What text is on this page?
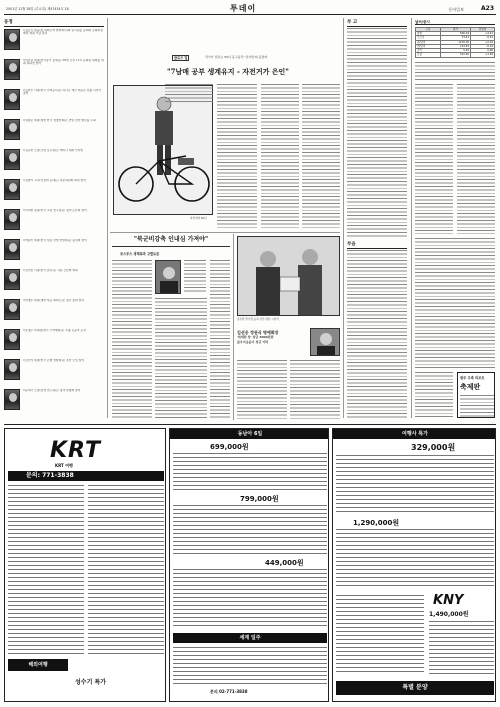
2001년 11월 28일 (수요일) 제47434호 18	투데이	동아일보	A23
동정
▽김동기 대표(한 대외무역 협력회사)와 임직원들 동회의 소회의실에서 개최 기념 축사
▽이가균 회장(한국장기 총재)은 28일 오전 11시 동회원 대회를 개최 축하연 참석
▽김한수 사장(한국 전력공사)은 하나로 재단 대표로 선출 시상식 참석
▽위종은 회장(대한 한국 경영인회)은 연말 만찬 행사를 주최
▽김준헌 소장(국립 보건원)은 세미나 개최 인사말
▽김방식 교수(서울대 공대)는 자문위원회 회의 참석
▽이지현 원장(한국 교통 연구원)은 정책 토론회 참석
▽박용인 회장(한국 섬유 산업 연합회)은 송년회 참석
▽김석호 사장(한국 통신)은 직원 간담회 개최
▽한영수 회장(대한 상공 회의소)은 정기 총회 참석
▽조영주 부회장(한국 무역협회)은 수출 유공자 포상
▽김인식 회장(한국 은행 연합회)은 조찬 모임 참석
▽윤재국 소장(환경 연구원)은 정책 설명회 참석
클로즈 업	작가가 전하는 50년 동고동락 '당사람'의 동반자
"7남매 공부 생계유지 - 자전거가 은인"
자전거와 50년
"북군비강축 인내심 가져야"
포스투스 경제특과 고별토론
김수환 추기경 등과 사진 대상 시상식
김선웅 정권식 명예회장
'위대한 상' 상금 3000만원
불우이웃돕기 성금 기탁
부 고
부음
날씨/증시
구분	종가	전일비
종합	596.34	+3.21
코스닥	73.52	-0.41
원/달러	1276.30	+2.10
엔/달러	123.45	-0.12
금리	5.45	0.00
금값	312.40	+1.20
원주 우측 리조트
축제판
KRT
KRT 여행
문의: 771-3838
해외여행
성수기 특가
동남아 6일
699,000원
799,000원
449,000원
세계 일주
문의 02-771-3838
여행사 특가
329,000원
1,290,000원
KNY
1,490,000원
특별 분양
